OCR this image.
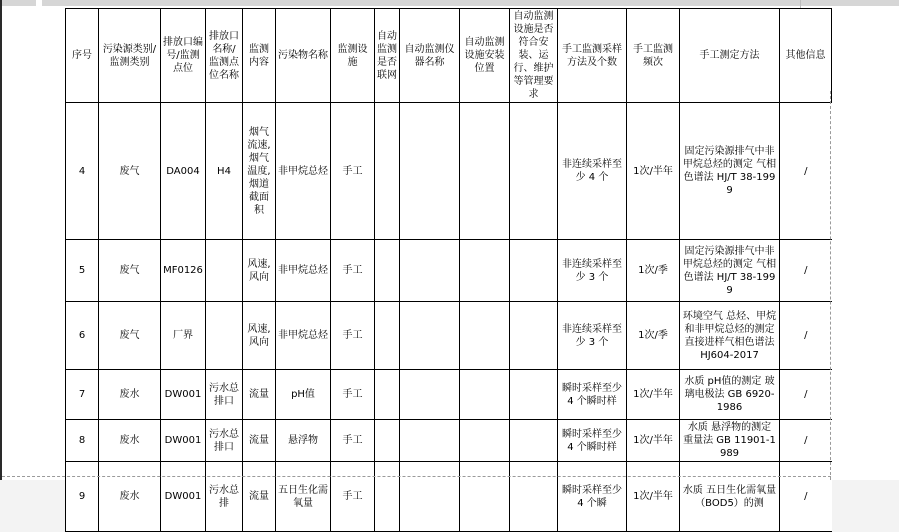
序号	污染源类别/监测类别	排放口编号/监测点位	排放口名称/监测点位名称	监测内容	污染物名称	监测设施	自动监测是否联网	自动监测仪器名称	自动监测设施安装位置	自动监测设施是否符合安装、运行、维护等管理要求	手工监测采样方法及个数	手工监测频次	手工测定方法	其他信息
4	废气	DA004	H4	烟气流速,烟气温度,烟道截面积	非甲烷总烃	手工					非连续采样至少 4 个	1次/半年	固定污染源排气中非甲烷总烃的测定 气相色谱法 HJ/T 38-1999	/
5	废气	MF0126		风速,风向	非甲烷总烃	手工					非连续采样至少 3 个	1次/季	固定污染源排气中非甲烷总烃的测定 气相色谱法 HJ/T 38-1999	/
6	废气	厂界		风速,风向	非甲烷总烃	手工					非连续采样至少 3 个	1次/季	环境空气 总烃、甲烷和非甲烷总烃的测定 直接进样气相色谱法 HJ604-2017	/
7	废水	DW001	污水总排口	流量	pH值	手工					瞬时采样至少 4 个瞬时样	1次/半年	水质 pH值的测定 玻璃电极法 GB 6920-1986	/
8	废水	DW001	污水总排口	流量	悬浮物	手工					瞬时采样至少 4 个瞬时样	1次/半年	水质 悬浮物的测定 重量法 GB 11901-1989	/
9	废水	DW001	污水总排	流量	五日生化需氧量	手工					瞬时采样至少 4 个瞬	1次/半年	水质 五日生化需氧量（BOD5）的测	/
